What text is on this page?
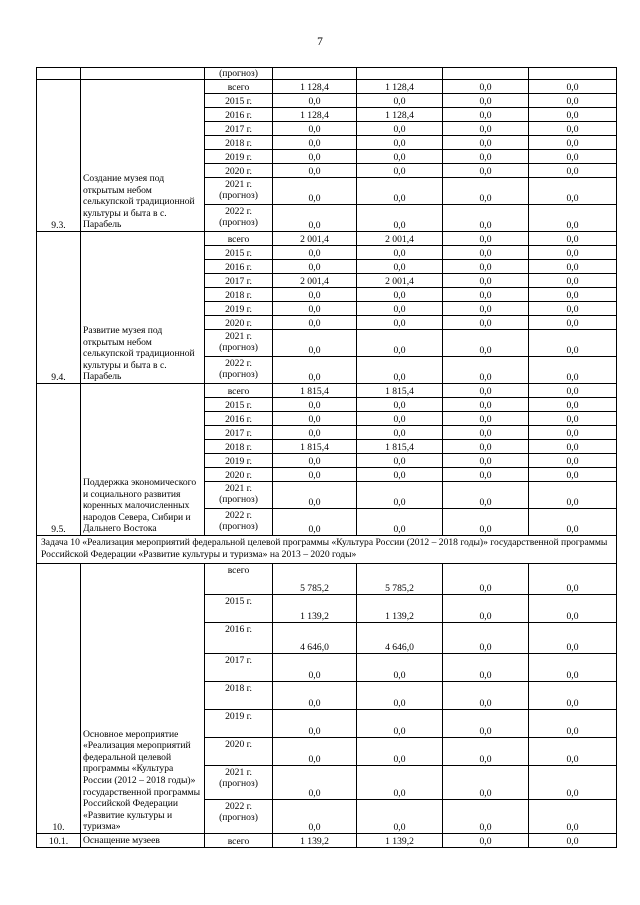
7
		(прогноз)				
9.3.	Создание музея под открытым небом селькупской традиционной культуры и быта в с. Парабель	всего	1 128,4	1 128,4	0,0	0,0
		2015 г.	0,0	0,0	0,0	0,0
		2016 г.	1 128,4	1 128,4	0,0	0,0
		2017 г.	0,0	0,0	0,0	0,0
		2018 г.	0,0	0,0	0,0	0,0
		2019 г.	0,0	0,0	0,0	0,0
		2020 г.	0,0	0,0	0,0	0,0
		2021 г. (прогноз)	0,0	0,0	0,0	0,0
		2022 г. (прогноз)	0,0	0,0	0,0	0,0
9.4.	Развитие музея под открытым небом селькупской традиционной культуры и быта в с. Парабель	всего	2 001,4	2 001,4	0,0	0,0
		2015 г.	0,0	0,0	0,0	0,0
		2016 г.	0,0	0,0	0,0	0,0
		2017 г.	2 001,4	2 001,4	0,0	0,0
		2018 г.	0,0	0,0	0,0	0,0
		2019 г.	0,0	0,0	0,0	0,0
		2020 г.	0,0	0,0	0,0	0,0
		2021 г. (прогноз)	0,0	0,0	0,0	0,0
		2022 г. (прогноз)	0,0	0,0	0,0	0,0
9.5.	Поддержка экономического и социального развития коренных малочисленных народов Севера, Сибири и Дальнего Востока	всего	1 815,4	1 815,4	0,0	0,0
		2015 г.	0,0	0,0	0,0	0,0
		2016 г.	0,0	0,0	0,0	0,0
		2017 г.	0,0	0,0	0,0	0,0
		2018 г.	1 815,4	1 815,4	0,0	0,0
		2019 г.	0,0	0,0	0,0	0,0
		2020 г.	0,0	0,0	0,0	0,0
		2021 г. (прогноз)	0,0	0,0	0,0	0,0
		2022 г. (прогноз)	0,0	0,0	0,0	0,0
Задача 10 «Реализация мероприятий федеральной целевой программы «Культура России (2012 – 2018 годы)» государственной программы Российской Федерации «Развитие культуры и туризма» на 2013 – 2020 годы»						
10.	Основное мероприятие «Реализация мероприятий федеральной целевой программы «Культура России (2012 – 2018 годы)» государственной программы Российской Федерации «Развитие культуры и туризма»	всего	5 785,2	5 785,2	0,0	0,0
		2015 г.	1 139,2	1 139,2	0,0	0,0
		2016 г.	4 646,0	4 646,0	0,0	0,0
		2017 г.	0,0	0,0	0,0	0,0
		2018 г.	0,0	0,0	0,0	0,0
		2019 г.	0,0	0,0	0,0	0,0
		2020 г.	0,0	0,0	0,0	0,0
		2021 г. (прогноз)	0,0	0,0	0,0	0,0
		2022 г. (прогноз)	0,0	0,0	0,0	0,0
10.1.	Оснащение музеев	всего	1 139,2	1 139,2	0,0	0,0
